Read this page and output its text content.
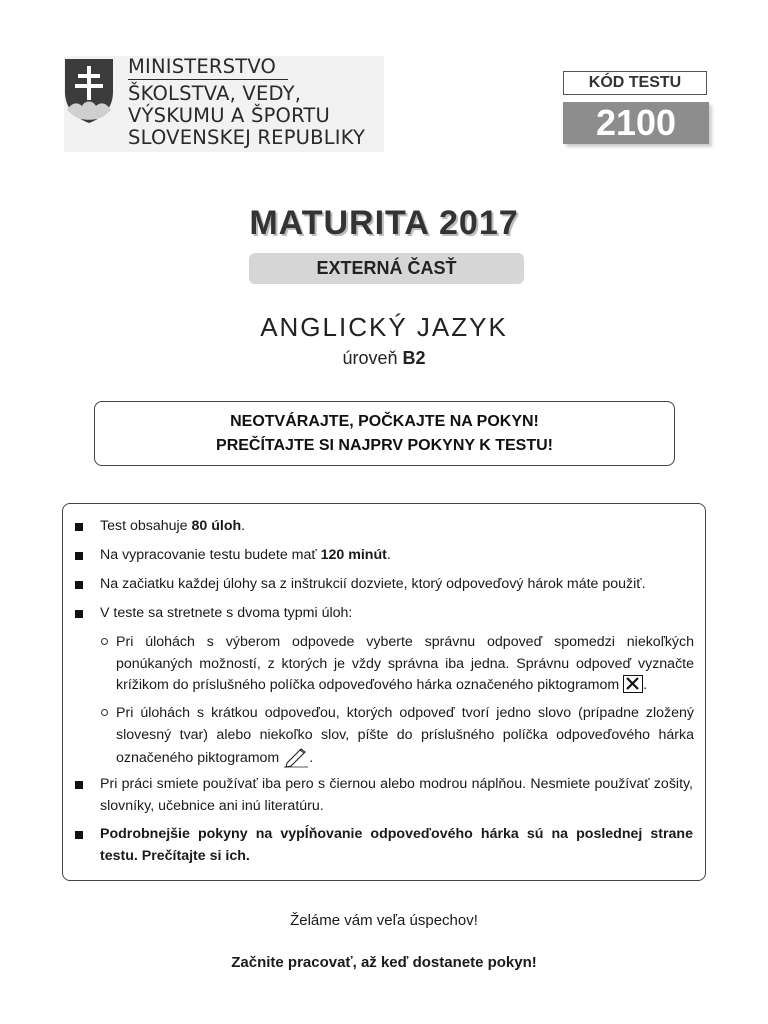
MINISTERSTVO
ŠKOLSTVA, VEDY,
VÝSKUMU A ŠPORTU
SLOVENSKEJ REPUBLIKY
KÓD TESTU
2100
MATURITA 2017
EXTERNÁ ČASŤ
ANGLICKÝ JAZYK
úroveň B2
NEOTVÁRAJTE, POČKAJTE NA POKYN!
PREČÍTAJTE SI NAJPRV POKYNY K TESTU!
Test obsahuje 80 úloh.
Na vypracovanie testu budete mať 120 minút.
Na začiatku každej úlohy sa z inštrukcií dozviete, ktorý odpoveďový hárok máte použiť.
V teste sa stretnete s dvoma typmi úloh:
Pri úlohách s výberom odpovede vyberte správnu odpoveď spomedzi niekoľkých ponúkaných možností, z ktorých je vždy správna iba jedna. Správnu odpoveď vyznačte krížikom do príslušného políčka odpoveďového hárka označeného piktogramom .
Pri úlohách s krátkou odpoveďou, ktorých odpoveď tvorí jedno slovo (prípadne zložený slovesný tvar) alebo niekoľko slov, píšte do príslušného políčka odpoveďového hárka označeného piktogramom .
Pri práci smiete používať iba pero s čiernou alebo modrou náplňou. Nesmiete používať zošity, slovníky, učebnice ani inú literatúru.
Podrobnejšie pokyny na vypĺňovanie odpoveďového hárka sú na poslednej strane testu. Prečítajte si ich.
Želáme vám veľa úspechov!
Začnite pracovať, až keď dostanete pokyn!
